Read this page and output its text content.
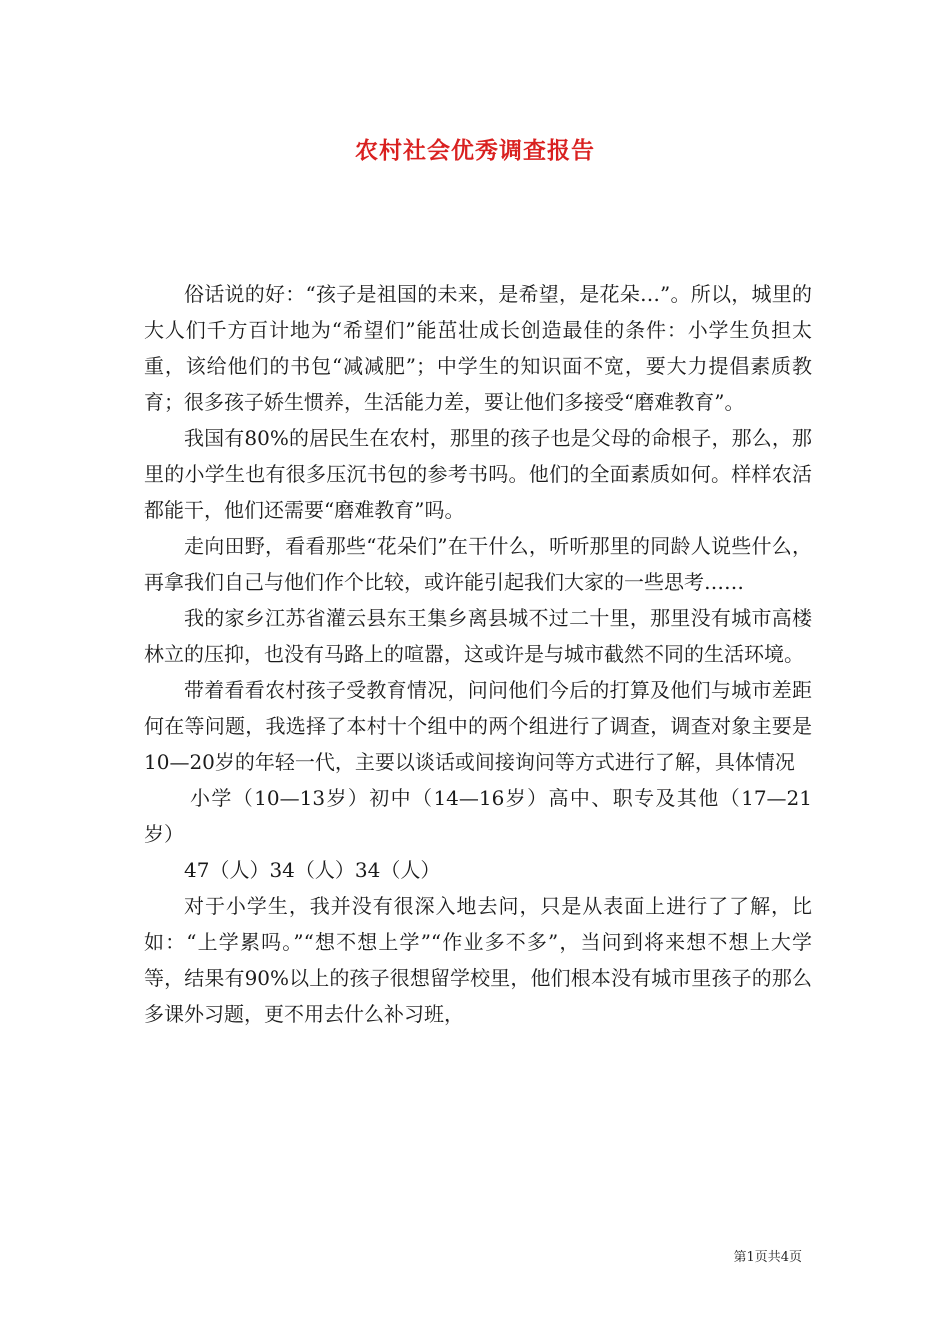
农村社会优秀调查报告

俗话说的好：“孩子是祖国的未来，是希望，是花朵…”。所以，城里的大人们千方百计地为“希望们”能茁壮成长创造最佳的条件：小学生负担太重，该给他们的书包“减减肥”；中学生的知识面不宽，要大力提倡素质教育；很多孩子娇生惯养，生活能力差，要让他们多接受“磨难教育”。

我国有80%的居民生在农村，那里的孩子也是父母的命根子，那么，那里的小学生也有很多压沉书包的参考书吗。他们的全面素质如何。样样农活都能干，他们还需要“磨难教育”吗。

走向田野，看看那些“花朵们”在干什么，听听那里的同龄人说些什么，再拿我们自己与他们作个比较，或许能引起我们大家的一些思考……

我的家乡江苏省灌云县东王集乡离县城不过二十里，那里没有城市高楼林立的压抑，也没有马路上的喧嚣，这或许是与城市截然不同的生活环境。

带着看看农村孩子受教育情况，问问他们今后的打算及他们与城市差距何在等问题，我选择了本村十个组中的两个组进行了调查，调查对象主要是10—20岁的年轻一代，主要以谈话或间接询问等方式进行了解，具体情况

小学（10—13岁）初中（14—16岁）高中、职专及其他（17—21岁）

47（人）34（人）34（人）

对于小学生，我并没有很深入地去问，只是从表面上进行了了解，比如：“上学累吗。”“想不想上学”“作业多不多”，当问到将来想不想上大学等，结果有90%以上的孩子很想留学校里，他们根本没有城市里孩子的那么多课外习题，更不用去什么补习班，

第1页共4页
